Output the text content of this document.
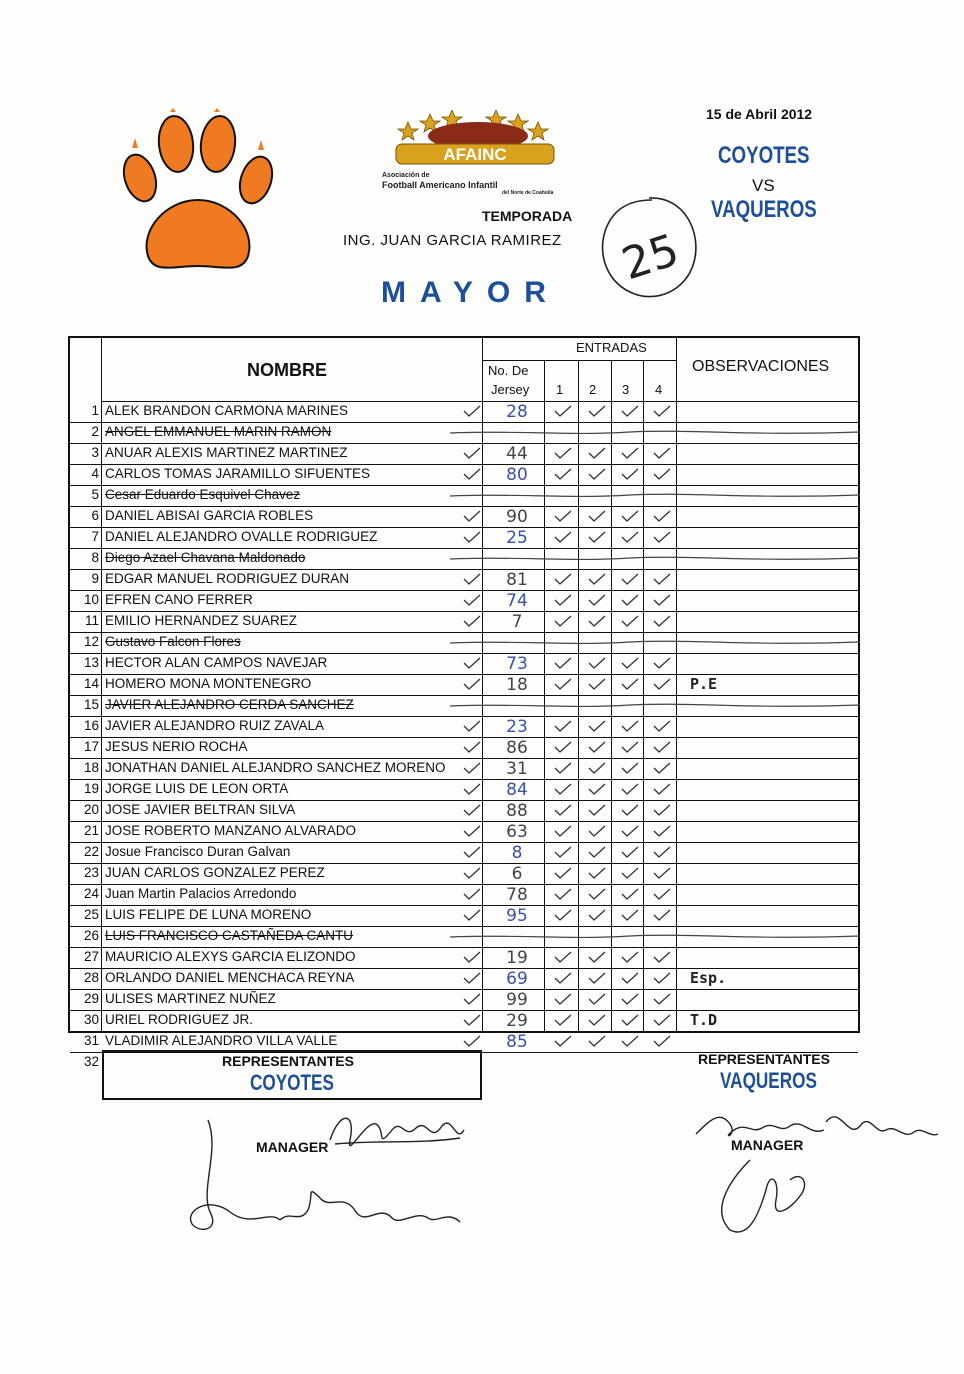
AFAINC
Asociación de
Football Americano Infantil
del Norte de Coahuila
15 de Abril 2012
COYOTES
VS
VAQUEROS
TEMPORADA
ING. JUAN GARCIA RAMIREZ
MAYOR
25
NOMBRE	No. De
Jersey
ENTRADAS
1 2 3 4
OBSERVACIONES
1 ALEK BRANDON CARMONA MARINES	28
2 ANGEL EMMANUEL MARIN RAMON
3 ANUAR ALEXIS MARTINEZ MARTINEZ	44
4 CARLOS TOMAS JARAMILLO SIFUENTES	80
5 Cesar Eduardo Esquivel Chavez
6 DANIEL ABISAI GARCIA ROBLES	90
7 DANIEL ALEJANDRO OVALLE RODRIGUEZ	25
8 Diego Azael Chavana Maldonado
9 EDGAR MANUEL RODRIGUEZ DURAN	81
10 EFREN CANO FERRER	74
11 EMILIO HERNANDEZ SUAREZ	7
12 Gustavo Falcon Flores
13 HECTOR ALAN CAMPOS NAVEJAR	73
14 HOMERO MONA MONTENEGRO	18	P.E
15 JAVIER ALEJANDRO CERDA SANCHEZ
16 JAVIER ALEJANDRO RUIZ ZAVALA	23
17 JESUS NERIO ROCHA	86
18 JONATHAN DANIEL ALEJANDRO SANCHEZ MORENO	31
19 JORGE LUIS DE LEON ORTA	84
20 JOSE JAVIER BELTRAN SILVA	88
21 JOSE ROBERTO MANZANO ALVARADO	63
22 Josue Francisco Duran Galvan	8
23 JUAN CARLOS GONZALEZ PEREZ	6
24 Juan Martin Palacios Arredondo	78
25 LUIS FELIPE DE LUNA MORENO	95
26 LUIS FRANCISCO CASTAÑEDA CANTU
27 MAURICIO ALEXYS GARCIA ELIZONDO	19
28 ORLANDO DANIEL MENCHACA REYNA	69	Esp.
29 ULISES MARTINEZ NUÑEZ	99
30 URIEL RODRIGUEZ JR.	29	T.D
31 VLADIMIR ALEJANDRO VILLA VALLE	85
32	REPRESENTANTES
COYOTES
REPRESENTANTES
VAQUEROS
MANAGER	MANAGER
